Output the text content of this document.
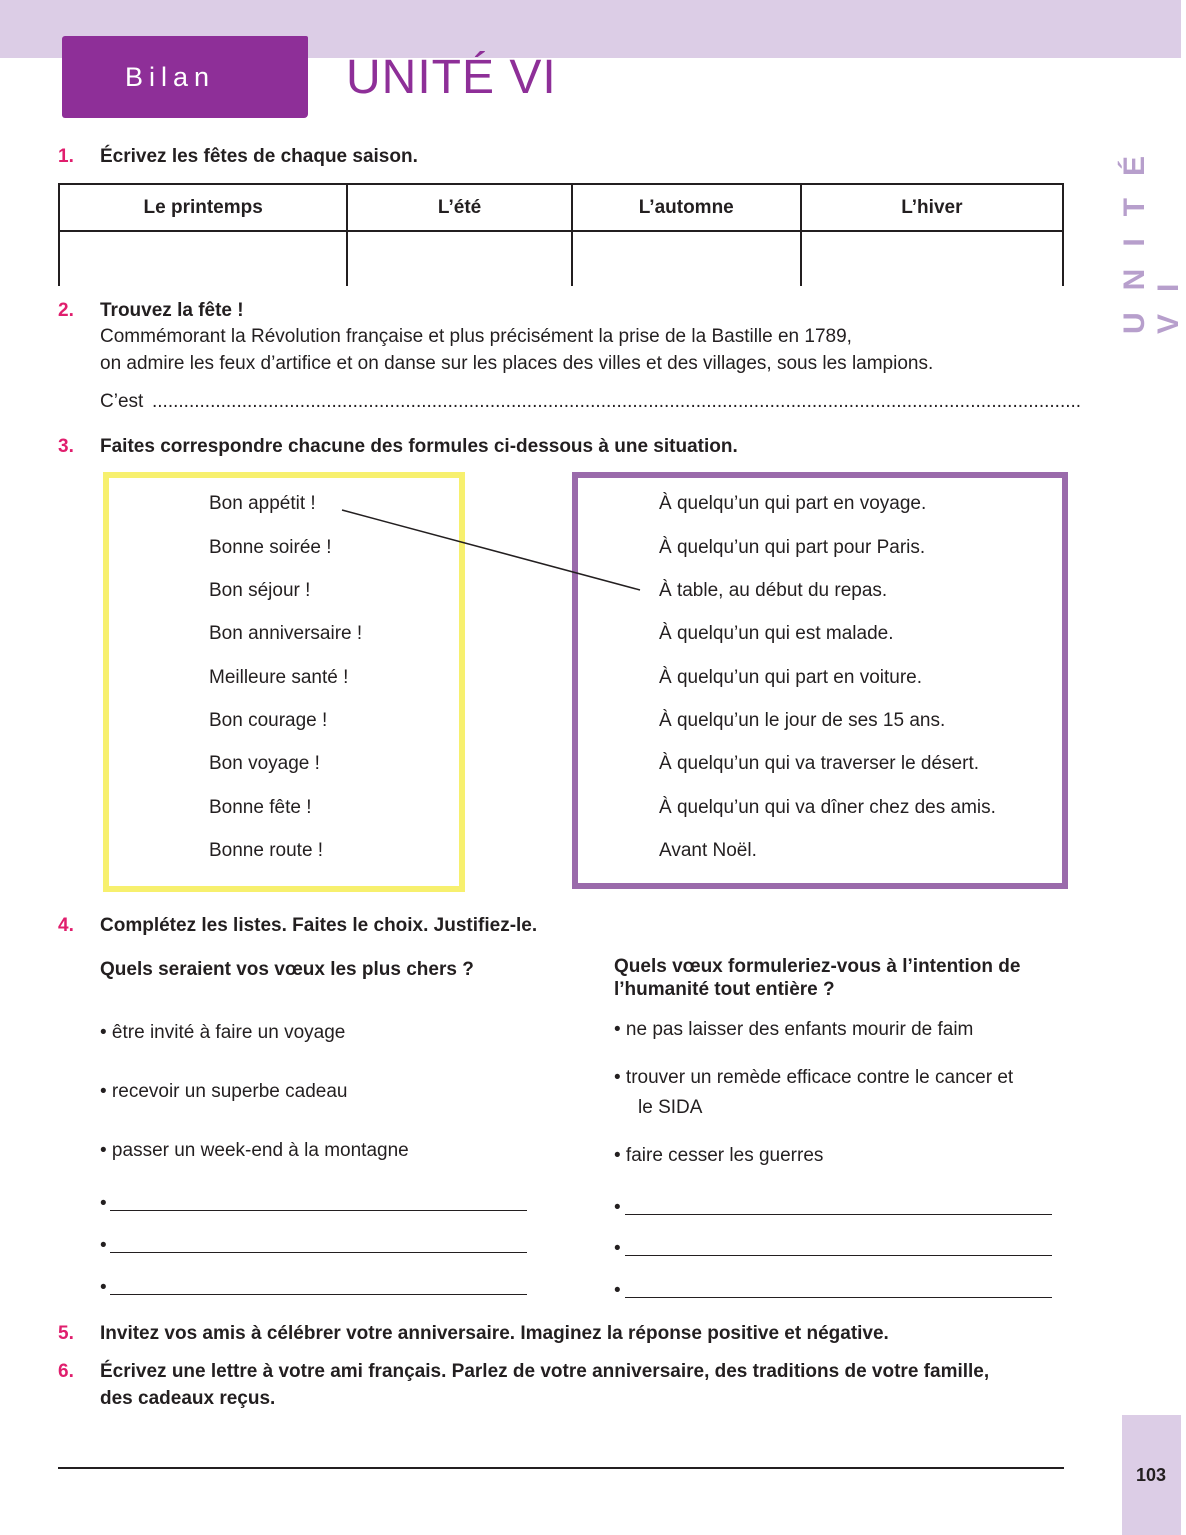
Bilan	UNITÉ VI
UNITÉ VI
1. Écrivez les fêtes de chaque saison.
Le printemps	L’été	L’automne	L’hiver

2. Trouvez la fête !
Commémorant la Révolution française et plus précisément la prise de la Bastille en 1789,
on admire les feux d’artifice et on danse sur les places des villes et des villages, sous les lampions.
C’est ................................................................................................................................................................................
3. Faites correspondre chacune des formules ci-dessous à une situation.
Bon appétit !
Bonne soirée !
Bon séjour !
Bon anniversaire !
Meilleure santé !
Bon courage !
Bon voyage !
Bonne fête !
Bonne route !
À quelqu’un qui part en voyage.
À quelqu’un qui part pour Paris.
À table, au début du repas.
À quelqu’un qui est malade.
À quelqu’un qui part en voiture.
À quelqu’un le jour de ses 15 ans.
À quelqu’un qui va traverser le désert.
À quelqu’un qui va dîner chez des amis.
Avant Noël.
4. Complétez les listes. Faites le choix. Justifiez-le.
Quels seraient vos vœux les plus chers ?
• être invité à faire un voyage
• recevoir un superbe cadeau
• passer un week-end à la montagne
•
•
•
Quels vœux formuleriez-vous à l’intention de
l’humanité tout entière ?
• ne pas laisser des enfants mourir de faim
• trouver un remède efficace contre le cancer et
le SIDA
• faire cesser les guerres
•
•
•
5. Invitez vos amis à célébrer votre anniversaire. Imaginez la réponse positive et négative.
6. Écrivez une lettre à votre ami français. Parlez de votre anniversaire, des traditions de votre famille,
des cadeaux reçus.
103
